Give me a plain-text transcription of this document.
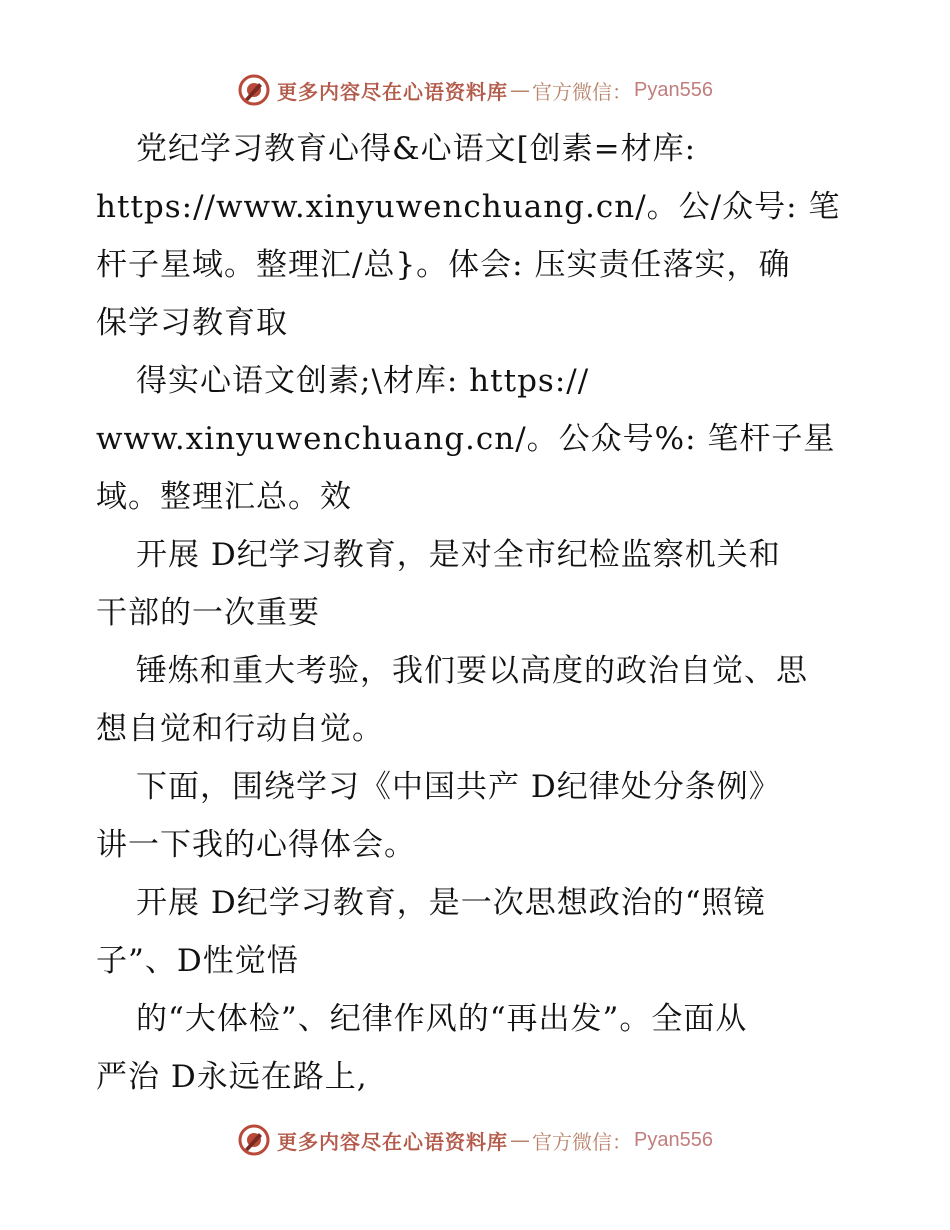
更多内容尽在心语资料库 — 官方微信： Pyan556
党纪学习教育心得&心语文[创素=材库:
https://www.xinyuwenchuang.cn/。公/众号: 笔
杆子星域。整理汇/总}。体会: 压实责任落实，确
保学习教育取
得实心语文创素;\材库: https://
www.xinyuwenchuang.cn/。公众号%: 笔杆子星
域。整理汇总。效
开展 D纪学习教育，是对全市纪检监察机关和
干部的一次重要
锤炼和重大考验，我们要以高度的政治自觉、思
想自觉和行动自觉。
下面，围绕学习《中国共产 D纪律处分条例》
讲一下我的心得体会。
开展 D纪学习教育，是一次思想政治的“照镜
子”、D性觉悟
的“大体检”、纪律作风的“再出发”。全面从
严治 D永远在路上,
更多内容尽在心语资料库 — 官方微信： Pyan556
